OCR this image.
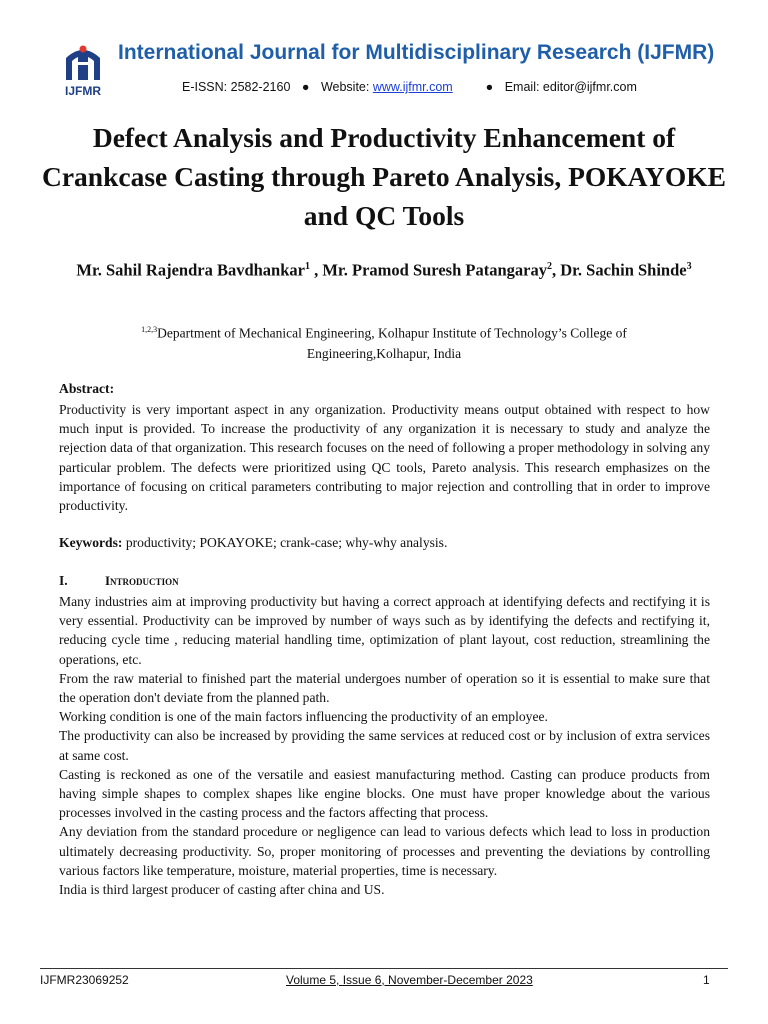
IJFMR
International Journal for Multidisciplinary Research (IJFMR)
E-ISSN: 2582-2160 ● Website: www.ijfmr.com	● Email: editor@ijfmr.com
Defect Analysis and Productivity Enhancement of Crankcase Casting through Pareto Analysis, POKAYOKE and QC Tools
Mr. Sahil Rajendra Bavdhankar$^1$ , Mr. Pramod Suresh Patangaray$^2$, Dr. Sachin Shinde$^3$
$^{1,2,3}$Department of Mechanical Engineering, Kolhapur Institute of Technology’s College of Engineering,Kolhapur, India
Abstract:
Productivity is very important aspect in any organization. Productivity means output obtained with respect to how much input is provided. To increase the productivity of any organization it is necessary to study and analyze the rejection data of that organization. This research focuses on the need of following a proper methodology in solving any particular problem. The defects were prioritized using QC tools, Pareto analysis. This research emphasizes on the importance of focusing on critical parameters contributing to major rejection and controlling that in order to improve productivity.
Keywords: productivity; POKAYOKE; crank-case; why-why analysis.
I.	Introduction

Many industries aim at improving productivity but having a correct approach at identifying defects and rectifying it is very essential. Productivity can be improved by number of ways such as by identifying the defects and rectifying it, reducing cycle time , reducing material handling time, optimization of plant layout, cost reduction, streamlining the operations, etc.

From the raw material to finished part the material undergoes number of operation so it is essential to make sure that the operation don't deviate from the planned path.

Working condition is one of the main factors influencing the productivity of an employee.

The productivity can also be increased by providing the same services at reduced cost or by inclusion of extra services at same cost.

Casting is reckoned as one of the versatile and easiest manufacturing method. Casting can produce products from having simple shapes to complex shapes like engine blocks. One must have proper knowledge about the various processes involved in the casting process and the factors affecting that process.

Any deviation from the standard procedure or negligence can lead to various defects which lead to loss in production ultimately decreasing productivity. So, proper monitoring of processes and preventing the deviations by controlling various factors like temperature, moisture, material properties, time is necessary.

India is third largest producer of casting after china and US.

IJFMR23069252	Volume 5, Issue 6, November-December 2023	1
